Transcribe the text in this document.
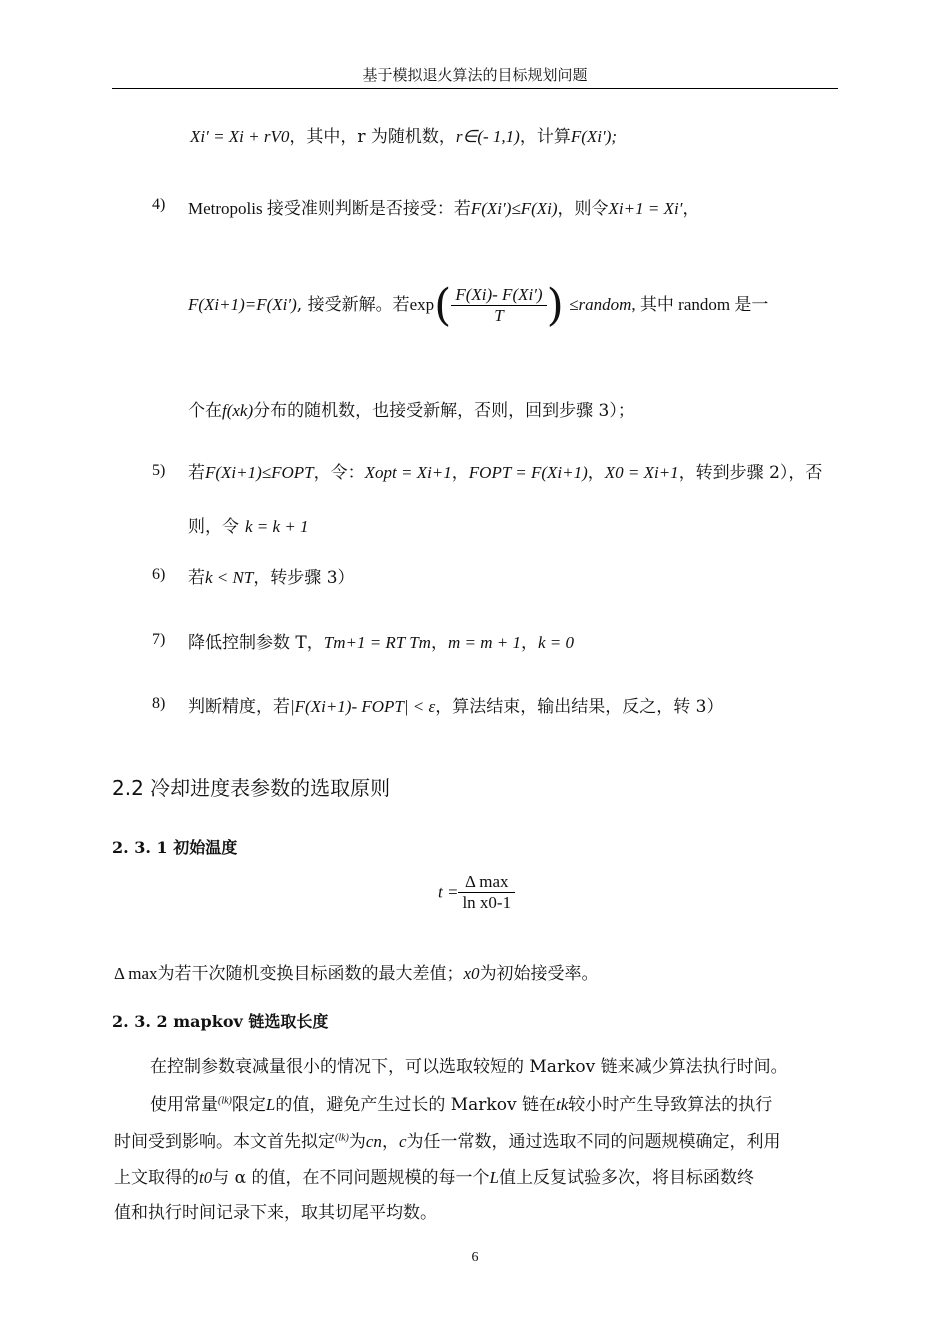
基于模拟退火算法的目标规划问题
Xi′ = Xi + rV0，其中，r 为随机数，r∈(- 1,1)，计算F(Xi′);
4) Metropolis 接受准则判断是否接受：若F(Xi′)≤F(Xi)，则令Xi+1 = Xi′，
F(Xi+1)=F(Xi′), 接受新解。若$\exp( \frac{F(Xi)- F(Xi')}{T}$ ) ≤random, 其中 random 是一
个在f(xk)分布的随机数，也接受新解，否则，回到步骤 3）；
5) 若F(Xi+1)≤FOPT，令：Xopt = Xi+1，FOPT = F(Xi+1)，X0 = Xi+1，转到步骤 2），否
则，令 k = k + 1
6) 若k < NT，转步骤 3）
7) 降低控制参数 T，Tm+1 = RT Tm，m = m + 1，k = 0
8) 判断精度，若|F(Xi+1)- FOPT| < ε，算法结束，输出结果，反之，转 3）
2.2 冷却进度表参数的选取原则
2. 3. 1 初始温度
$t = \frac{\text{Δ max}}{\text{ln x0-1}}$
Δ max为若干次随机变换目标函数的最大差值；x0为初始接受率。
2. 3. 2 mapkov 链选取长度
在控制参数衰减量很小的情况下，可以选取较短的 Markov 链来减少算法执行时间。
使用常量$^{(lk)}$限定L的值，避免产生过长的 Markov 链在tk较小时产生导致算法的执行
时间受到影响。本文首先拟定$^{(lk)}$为cn，c为任一常数，通过选取不同的问题规模确定，利用
上文取得的t0与 α 的值，在不同问题规模的每一个L值上反复试验多次，将目标函数终
值和执行时间记录下来，取其切尾平均数。
6
